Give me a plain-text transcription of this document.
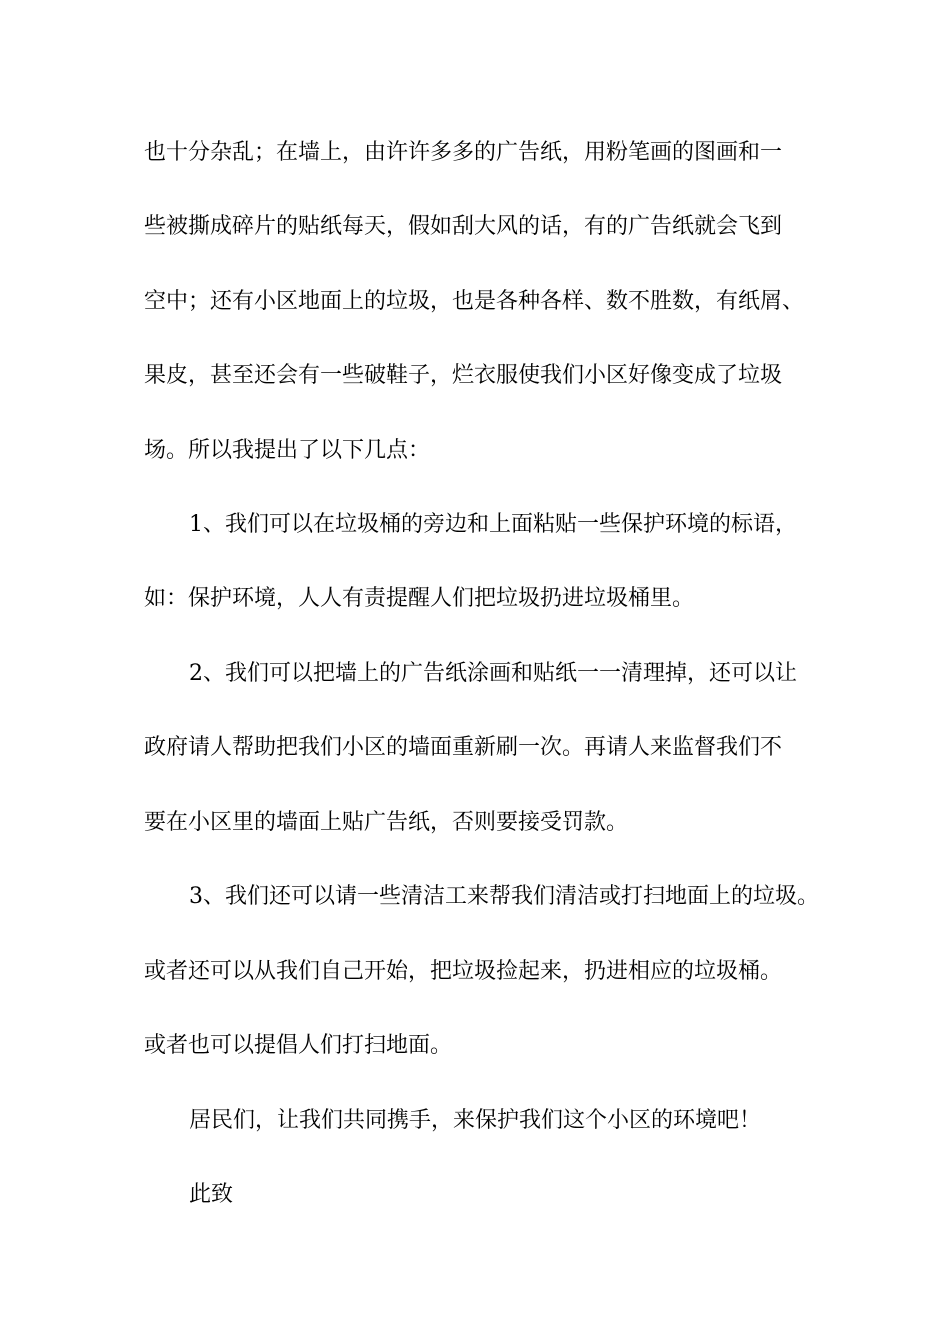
也十分杂乱；在墙上，由许许多多的广告纸，用粉笔画的图画和一
些被撕成碎片的贴纸每天，假如刮大风的话，有的广告纸就会飞到
空中；还有小区地面上的垃圾，也是各种各样、数不胜数，有纸屑、
果皮，甚至还会有一些破鞋子，烂衣服使我们小区好像变成了垃圾
场。所以我提出了以下几点：
1、我们可以在垃圾桶的旁边和上面粘贴一些保护环境的标语，
如：保护环境，人人有责提醒人们把垃圾扔进垃圾桶里。
2、我们可以把墙上的广告纸涂画和贴纸一一清理掉，还可以让
政府请人帮助把我们小区的墙面重新刷一次。再请人来监督我们不
要在小区里的墙面上贴广告纸，否则要接受罚款。
3、我们还可以请一些清洁工来帮我们清洁或打扫地面上的垃圾。
或者还可以从我们自己开始，把垃圾捡起来，扔进相应的垃圾桶。
或者也可以提倡人们打扫地面。
居民们，让我们共同携手，来保护我们这个小区的环境吧！
此致
